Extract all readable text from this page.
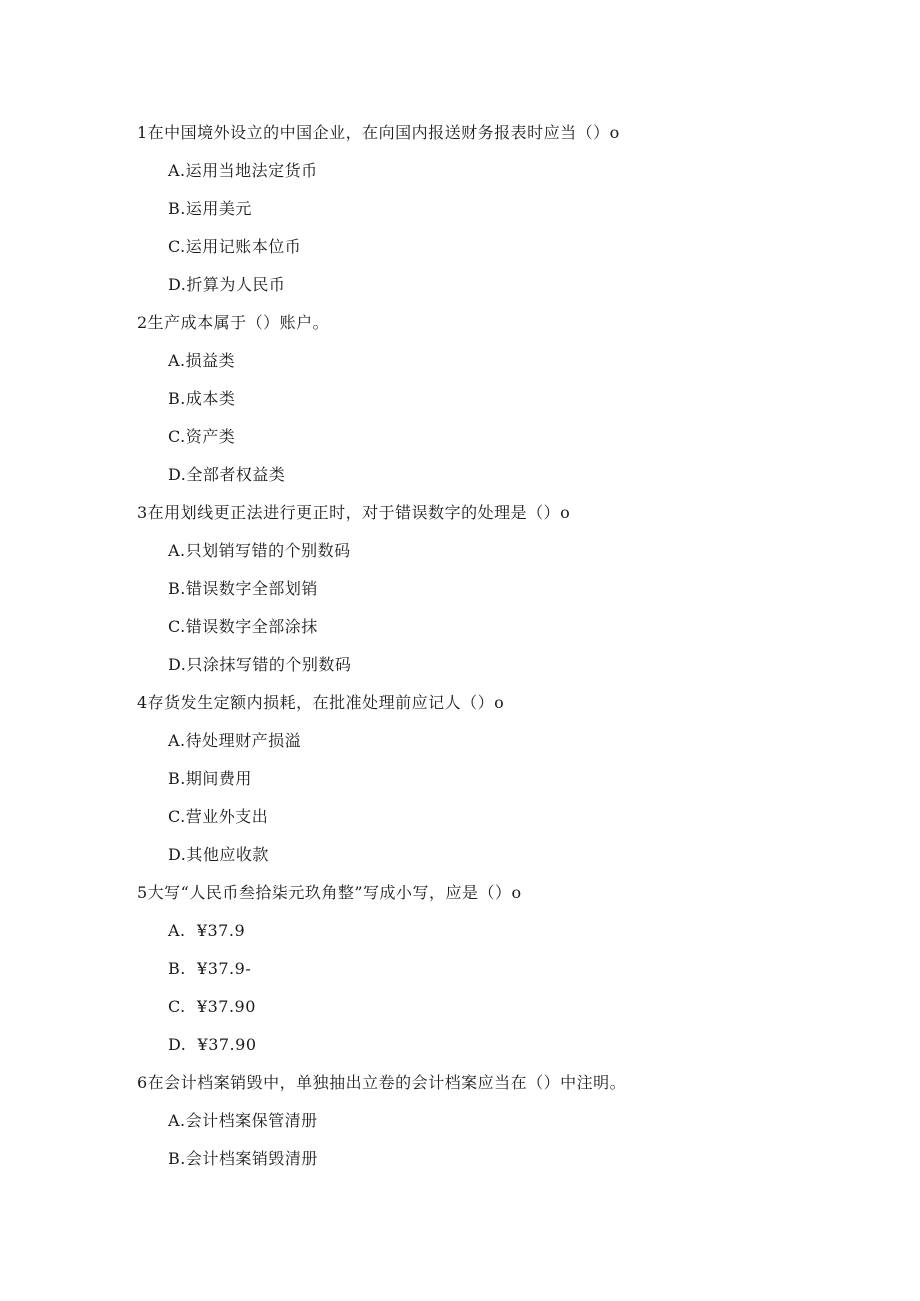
1在中国境外设立的中国企业，在向国内报送财务报表时应当（）o
A.运用当地法定货币
B.运用美元
C.运用记账本位币
D.折算为人民币
2生产成本属于（）账户。
A.损益类
B.成本类
C.资产类
D.全部者权益类
3在用划线更正法进行更正时，对于错误数字的处理是（）o
A.只划销写错的个别数码
B.错误数字全部划销
C.错误数字全部涂抹
D.只涂抹写错的个别数码
4存货发生定额内损耗，在批准处理前应记人（）o
A.待处理财产损溢
B.期间费用
C.营业外支出
D.其他应收款
5大写“人民币叁拾柒元玖角整”写成小写，应是（）o
A.  ¥37.9
B.  ¥37.9-
C.  ¥37.90
D.  ¥37.90
6在会计档案销毁中，单独抽出立卷的会计档案应当在（）中注明。
A.会计档案保管清册
B.会计档案销毁清册
